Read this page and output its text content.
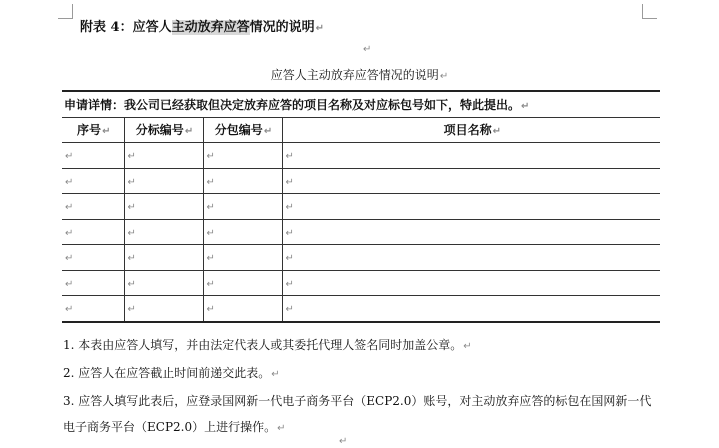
附表 4：应答人主动放弃应答情况的说明↵
↵
应答人主动放弃应答情况的说明↵
申请详情：我公司已经获取但决定放弃应答的项目名称及对应标包号如下，特此提出。↵			
序号↵	分标编号↵	分包编号↵	项目名称↵
↵	↵	↵	↵
↵	↵	↵	↵
↵	↵	↵	↵
↵	↵	↵	↵
↵	↵	↵	↵
↵	↵	↵	↵
↵	↵	↵	↵
1. 本表由应答人填写，并由法定代表人或其委托代理人签名同时加盖公章。↵
2. 应答人在应答截止时间前递交此表。↵
3. 应答人填写此表后，应登录国网新一代电子商务平台（ECP2.0）账号，对主动放弃应答的标包在国网新一代
电子商务平台（ECP2.0）上进行操作。↵
↵
